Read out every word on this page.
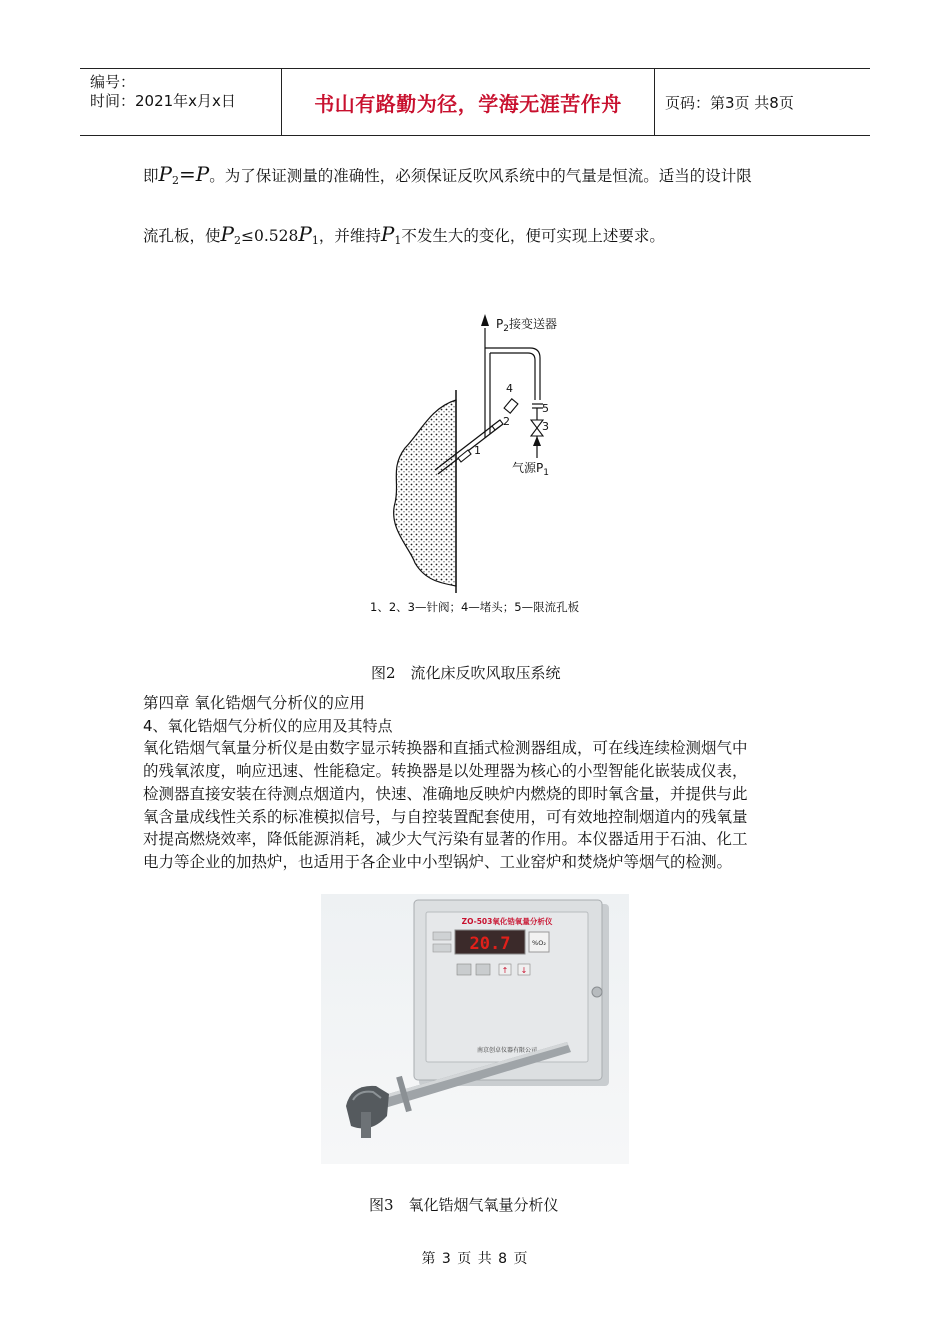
编号：
时间：2021年x月x日	书山有路勤为径，学海无涯苦作舟	页码：第3页 共8页
即$P_2=P$。为了保证测量的准确性，必须保证反吹风系统中的气量是恒流。适当的设计限
流孔板，使$P_2\le 0.528P_1$，并维持$P_1$不发生大的变化，便可实现上述要求。
$P_2$接变送器
4
5
2	3
1
气源$P_1$
1、2、3—针阀；4—堵头；5—限流孔板
图2　流化床反吹风取压系统
第四章 氧化锆烟气分析仪的应用
4、氧化锆烟气分析仪的应用及其特点
氧化锆烟气氧量分析仪是由数字显示转换器和直插式检测器组成，可在线连续检测烟气中
的残氧浓度，响应迅速、性能稳定。转换器是以处理器为核心的小型智能化嵌装成仪表，
检测器直接安装在待测点烟道内，快速、准确地反映炉内燃烧的即时氧含量，并提供与此
氧含量成线性关系的标准模拟信号，与自控装置配套使用，可有效地控制烟道内的残氧量
对提高燃烧效率，降低能源消耗，减少大气污染有显著的作用。本仪器适用于石油、化工
电力等企业的加热炉，也适用于各企业中小型锅炉、工业窑炉和焚烧炉等烟气的检测。
ZO-503氧化锆氧量分析仪
20.7	%O₂
↑ ↓
南京创卓仪器有限公司
图3　氧化锆烟气氧量分析仪
第 3 页 共 8 页
